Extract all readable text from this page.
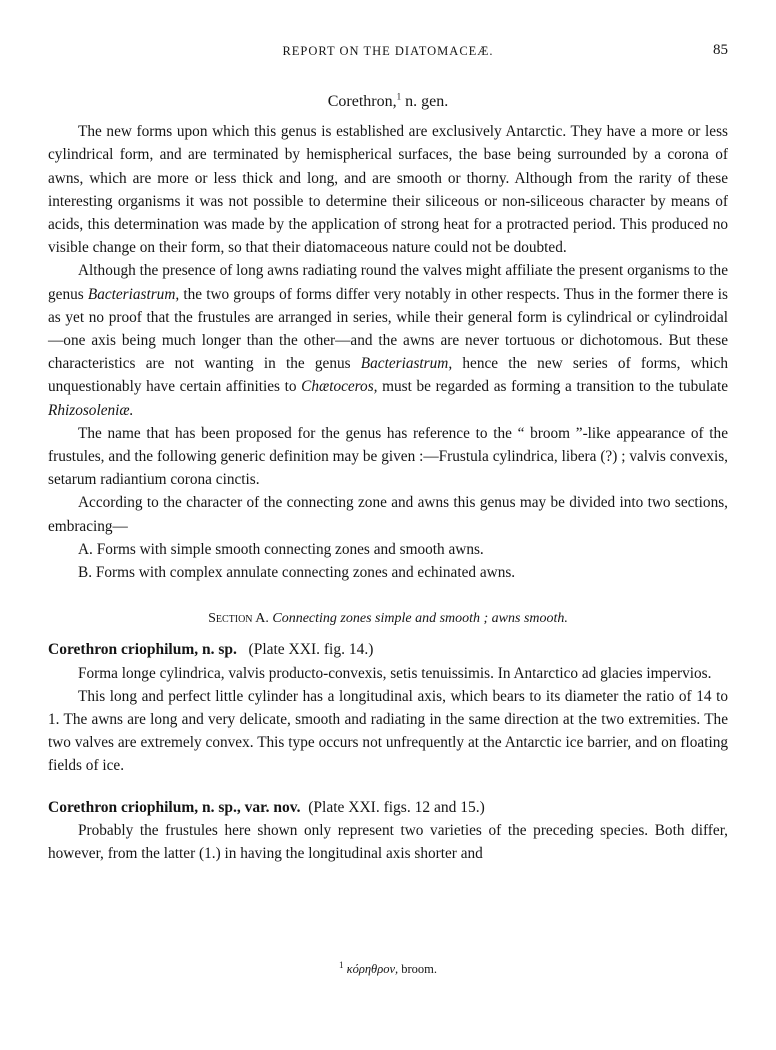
REPORT ON THE DIATOMACEÆ.	85
Corethron,$^1$ n. gen.

The new forms upon which this genus is established are exclusively Antarctic. They have a more or less cylindrical form, and are terminated by hemispherical surfaces, the base being surrounded by a corona of awns, which are more or less thick and long, and are smooth or thorny. Although from the rarity of these interesting organisms it was not possible to determine their siliceous or non-siliceous character by means of acids, this determination was made by the application of strong heat for a protracted period. This produced no visible change on their form, so that their diatomaceous nature could not be doubted.

Although the presence of long awns radiating round the valves might affiliate the present organisms to the genus Bacteriastrum, the two groups of forms differ very notably in other respects. Thus in the former there is as yet no proof that the frustules are arranged in series, while their general form is cylindrical or cylindroidal—one axis being much longer than the other—and the awns are never tortuous or dichotomous. But these characteristics are not wanting in the genus Bacteriastrum, hence the new series of forms, which unquestionably have certain affinities to Chætoceros, must be regarded as forming a transition to the tubulate Rhizosoleniæ.

The name that has been proposed for the genus has reference to the “ broom ”-like appearance of the frustules, and the following generic definition may be given :—Frustula cylindrica, libera (?) ; valvis convexis, setarum radiantium corona cinctis.

According to the character of the connecting zone and awns this genus may be divided into two sections, embracing—

A. Forms with simple smooth connecting zones and smooth awns.
B. Forms with complex annulate connecting zones and echinated awns.
Section A. Connecting zones simple and smooth ; awns smooth.

Corethron criophilum, n. sp. (Plate XXI. fig. 14.)

Forma longe cylindrica, valvis producto-convexis, setis tenuissimis. In Antarctico ad glacies impervios.

This long and perfect little cylinder has a longitudinal axis, which bears to its diameter the ratio of 14 to 1. The awns are long and very delicate, smooth and radiating in the same direction at the two extremities. The two valves are extremely convex. This type occurs not unfrequently at the Antarctic ice barrier, and on floating fields of ice.

Corethron criophilum, n. sp., var. nov. (Plate XXI. figs. 12 and 15.)

Probably the frustules here shown only represent two varieties of the preceding species. Both differ, however, from the latter (1.) in having the longitudinal axis shorter and

$^1$ κόρηθρον, broom.
